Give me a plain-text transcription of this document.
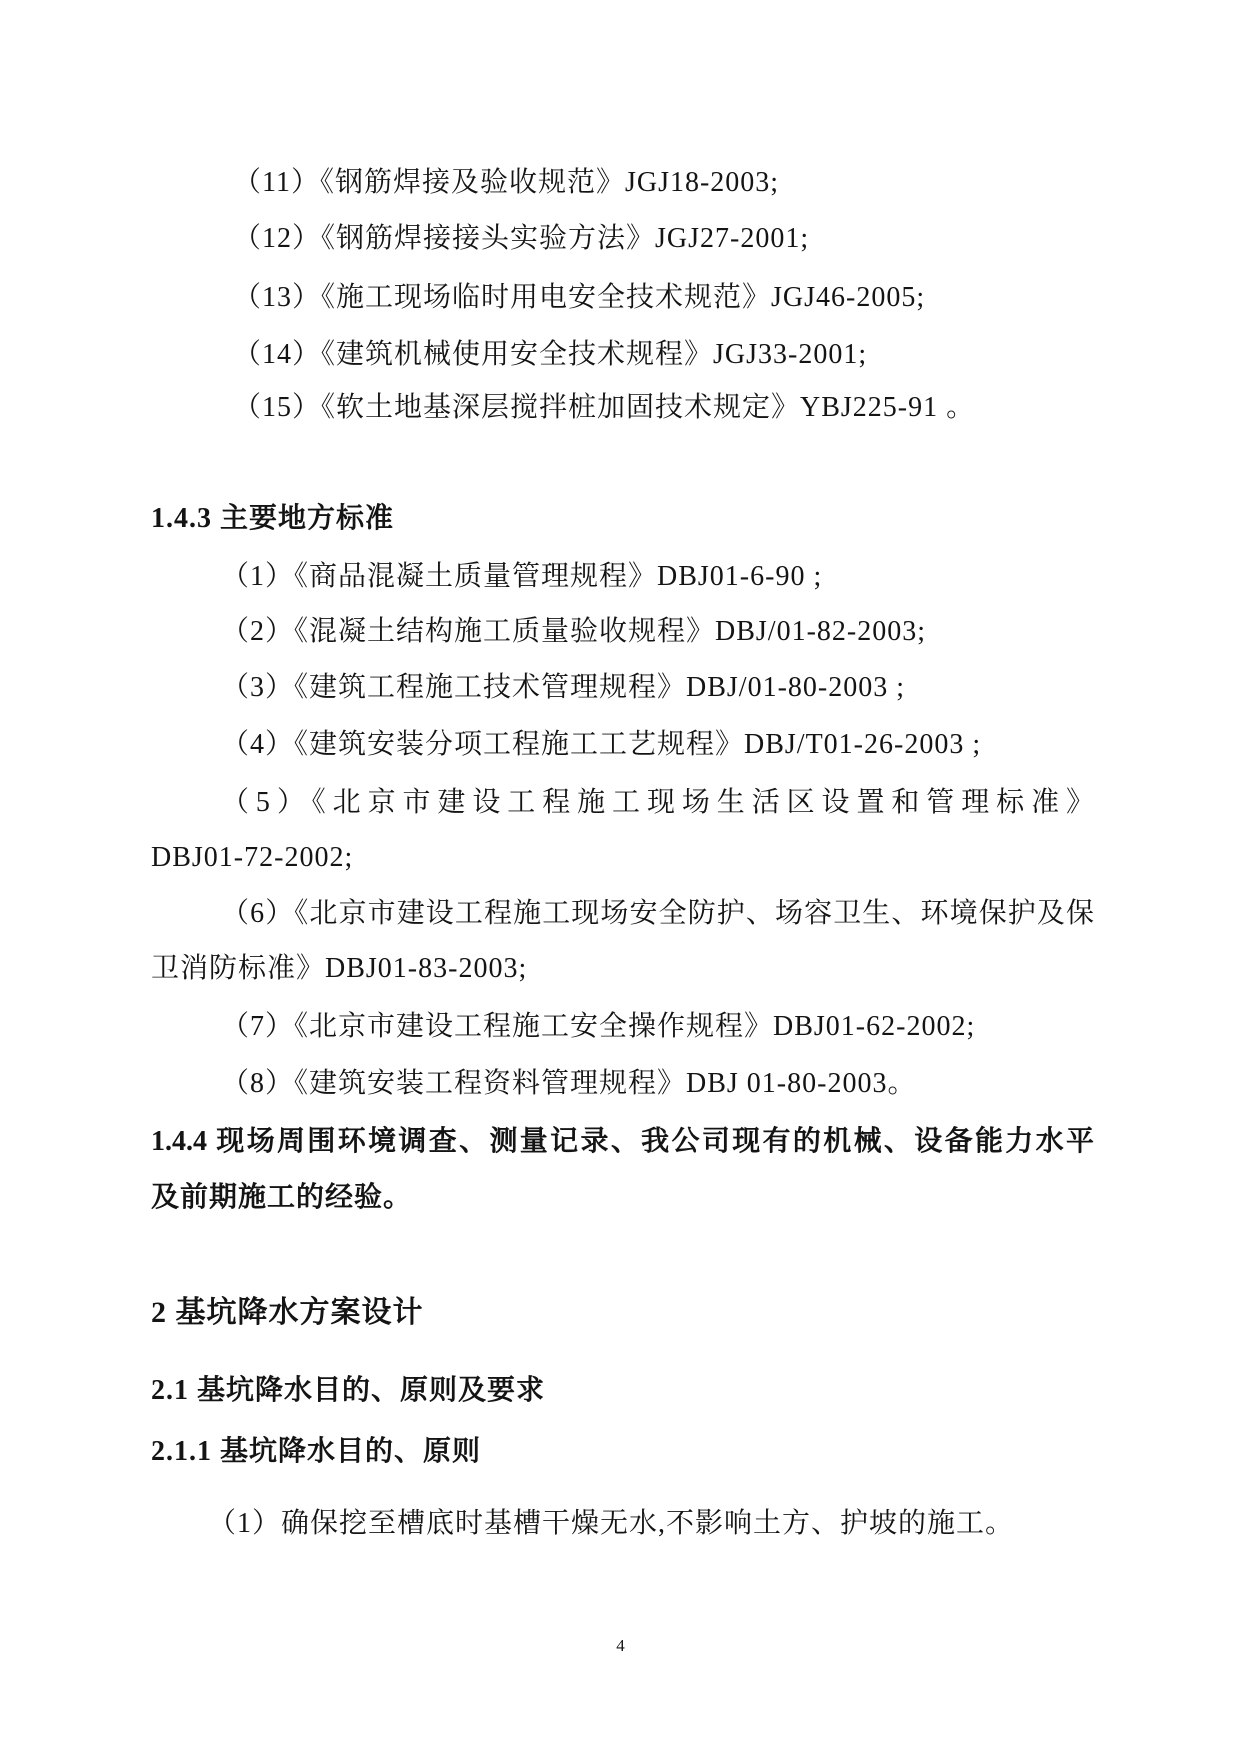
（11）《钢筋焊接及验收规范》JGJ18-2003;
（12）《钢筋焊接接头实验方法》JGJ27-2001;
（13）《施工现场临时用电安全技术规范》JGJ46-2005;
（14）《建筑机械使用安全技术规程》JGJ33-2001;
（15）《软土地基深层搅拌桩加固技术规定》YBJ225-91 。
1.4.3 主要地方标准
（1）《商品混凝土质量管理规程》DBJ01-6-90 ;
（2）《混凝土结构施工质量验收规程》DBJ/01-82-2003;
（3）《建筑工程施工技术管理规程》DBJ/01-80-2003 ;
（4）《建筑安装分项工程施工工艺规程》DBJ/T01-26-2003 ;
（5）《北京市建设工程施工现场生活区设置和管理标准》
DBJ01-72-2002;
（6）《北京市建设工程施工现场安全防护、场容卫生、环境保护及保
卫消防标准》DBJ01-83-2003;
（7）《北京市建设工程施工安全操作规程》DBJ01-62-2002;
（8）《建筑安装工程资料管理规程》DBJ 01-80-2003。
1.4.4 现场周围环境调查、测量记录、我公司现有的机械、设备能力水平
及前期施工的经验。
2 基坑降水方案设计
2.1 基坑降水目的、原则及要求
2.1.1 基坑降水目的、原则
（1）确保挖至槽底时基槽干燥无水,不影响土方、护坡的施工。
4
